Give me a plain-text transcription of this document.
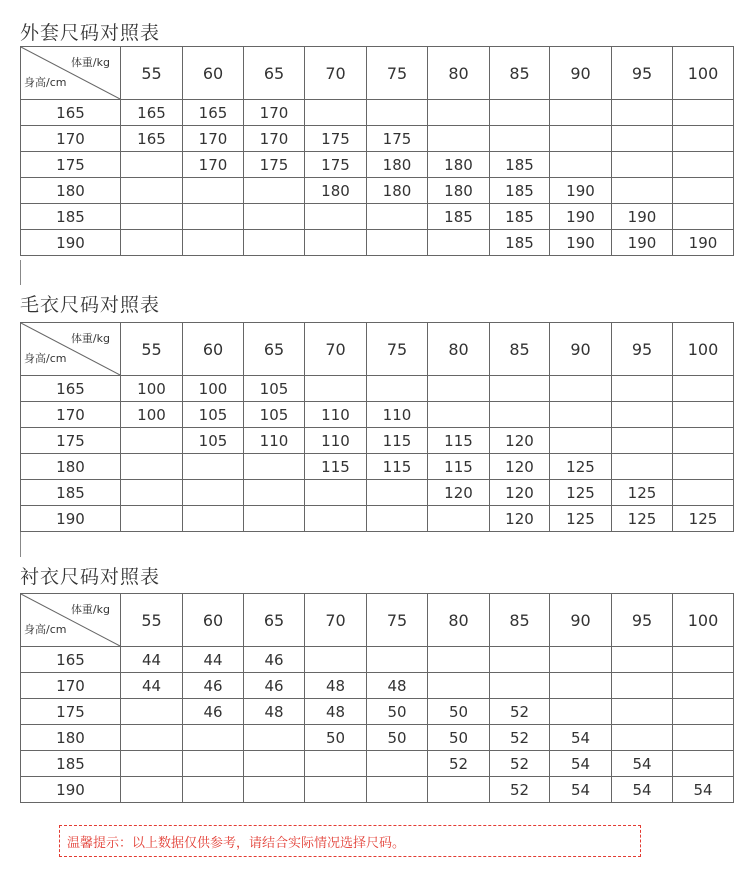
外套尺码对照表
体重/kg
身高/cm	55	60	65	70	75	80	85	90	95	100
165	165	165	170							
170	165	170	170	175	175					
175		170	175	175	180	180	185			
180				180	180	180	185	190		
185						185	185	190	190	
190							185	190	190	190
毛衣尺码对照表
体重/kg
身高/cm	55	60	65	70	75	80	85	90	95	100
165	100	100	105							
170	100	105	105	110	110					
175		105	110	110	115	115	120			
180				115	115	115	120	125		
185						120	120	125	125	
190							120	125	125	125
衬衣尺码对照表
体重/kg
身高/cm	55	60	65	70	75	80	85	90	95	100
165	44	44	46							
170	44	46	46	48	48					
175		46	48	48	50	50	52			
180				50	50	50	52	54		
185						52	52	54	54	
190							52	54	54	54
温馨提示：以上数据仅供参考，请结合实际情况选择尺码。
